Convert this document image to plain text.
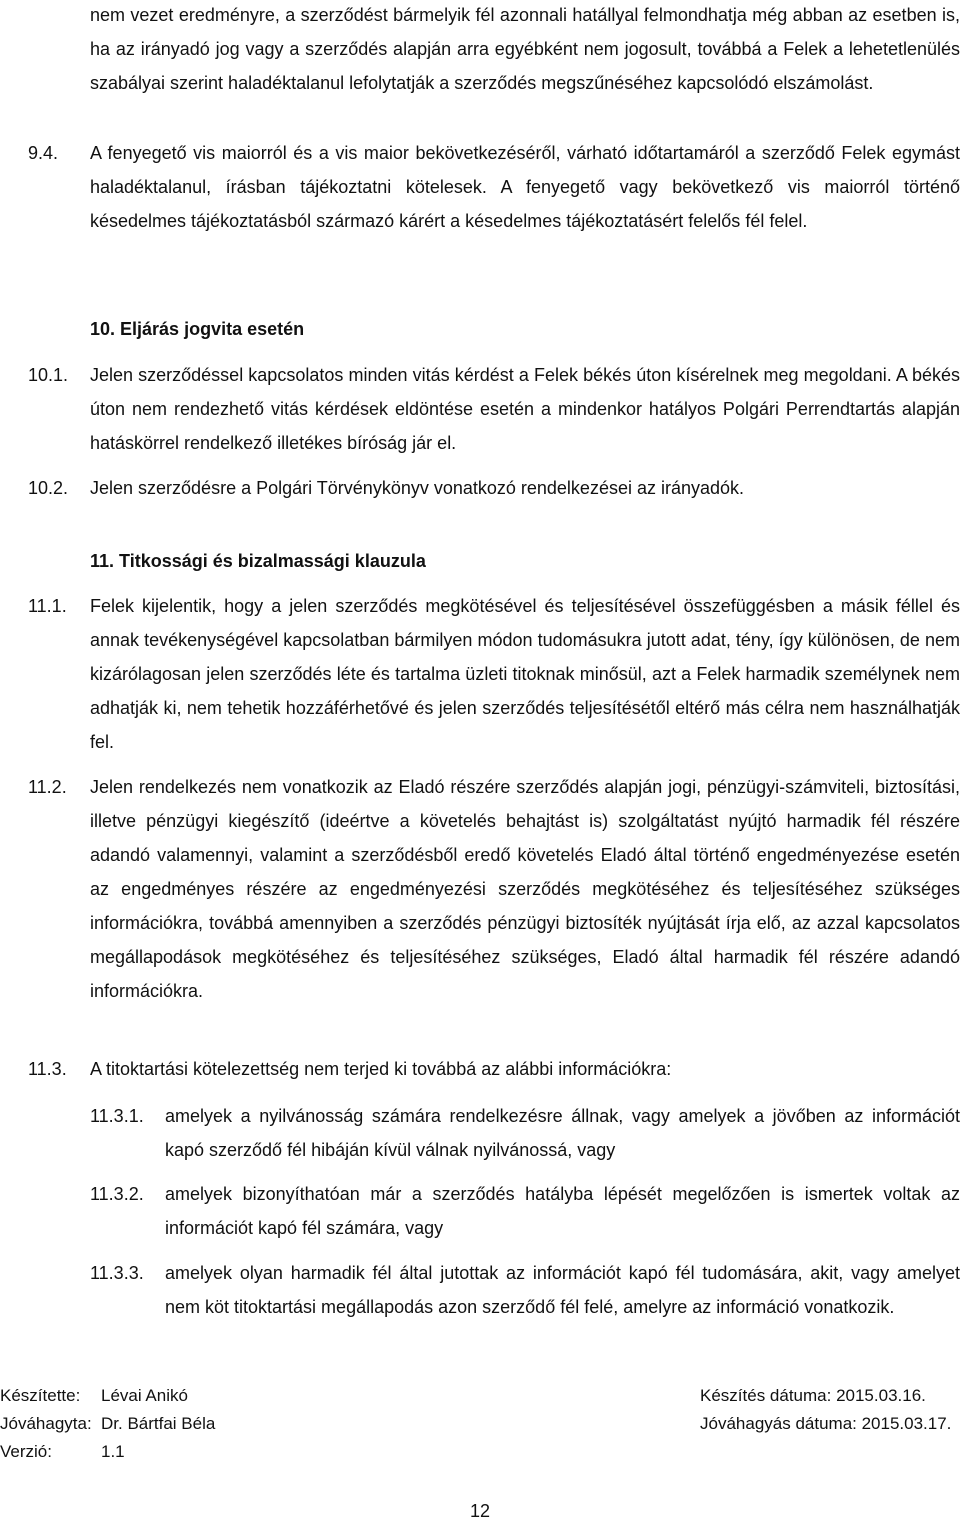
nem vezet eredményre, a szerződést bármelyik fél azonnali hatállyal felmondhatja még abban az esetben is, ha az irányadó jog vagy a szerződés alapján arra egyébként nem jogosult, továbbá a Felek a lehetetlenülés szabályai szerint haladéktalanul lefolytatják a szerződés megszűnéséhez kapcsolódó elszámolást.
9.4.	A fenyegető vis maiorról és a vis maior bekövetkezéséről, várható időtartamáról a szerződő Felek egymást haladéktalanul, írásban tájékoztatni kötelesek. A fenyegető vagy bekövetkező vis maiorról történő késedelmes tájékoztatásból származó kárért a késedelmes tájékoztatásért felelős fél felel.
10. Eljárás jogvita esetén
10.1.	Jelen szerződéssel kapcsolatos minden vitás kérdést a Felek békés úton kísérelnek meg megoldani. A békés úton nem rendezhető vitás kérdések eldöntése esetén a mindenkor hatályos Polgári Perrendtartás alapján hatáskörrel rendelkező illetékes bíróság jár el.
10.2.	Jelen szerződésre a Polgári Törvénykönyv vonatkozó rendelkezései az irányadók.
11. Titkossági és bizalmassági klauzula
11.1.	Felek kijelentik, hogy a jelen szerződés megkötésével és teljesítésével összefüggésben a másik féllel és annak tevékenységével kapcsolatban bármilyen módon tudomásukra jutott adat, tény, így különösen, de nem kizárólagosan jelen szerződés léte és tartalma üzleti titoknak minősül, azt a Felek harmadik személynek nem adhatják ki, nem tehetik hozzáférhetővé és jelen szerződés teljesítésétől eltérő más célra nem használhatják fel.
11.2.	Jelen rendelkezés nem vonatkozik az Eladó részére szerződés alapján jogi, pénzügyi-számviteli, biztosítási, illetve pénzügyi kiegészítő (ideértve a követelés behajtást is) szolgáltatást nyújtó harmadik fél részére adandó valamennyi, valamint a szerződésből eredő követelés Eladó által történő engedményezése esetén az engedményes részére az engedményezési szerződés megkötéséhez és teljesítéséhez szükséges információkra, továbbá amennyiben a szerződés pénzügyi biztosíték nyújtását írja elő, az azzal kapcsolatos megállapodások megkötéséhez és teljesítéséhez szükséges, Eladó által harmadik fél részére adandó információkra.
11.3.	A titoktartási kötelezettség nem terjed ki továbbá az alábbi információkra:
11.3.1.	amelyek a nyilvánosság számára rendelkezésre állnak, vagy amelyek a jövőben az információt kapó szerződő fél hibáján kívül válnak nyilvánossá, vagy
11.3.2.	amelyek bizonyíthatóan már a szerződés hatályba lépését megelőzően is ismertek voltak az információt kapó fél számára, vagy
11.3.3.	amelyek olyan harmadik fél által jutottak az információt kapó fél tudomására, akit, vagy amelyet nem köt titoktartási megállapodás azon szerződő fél felé, amelyre az információ vonatkozik.
Készítette: Lévai Anikó
Jóváhagyta: Dr. Bártfai Béla
Verzió:	1.1
Készítés dátuma: 2015.03.16.
Jóváhagyás dátuma: 2015.03.17.
12
